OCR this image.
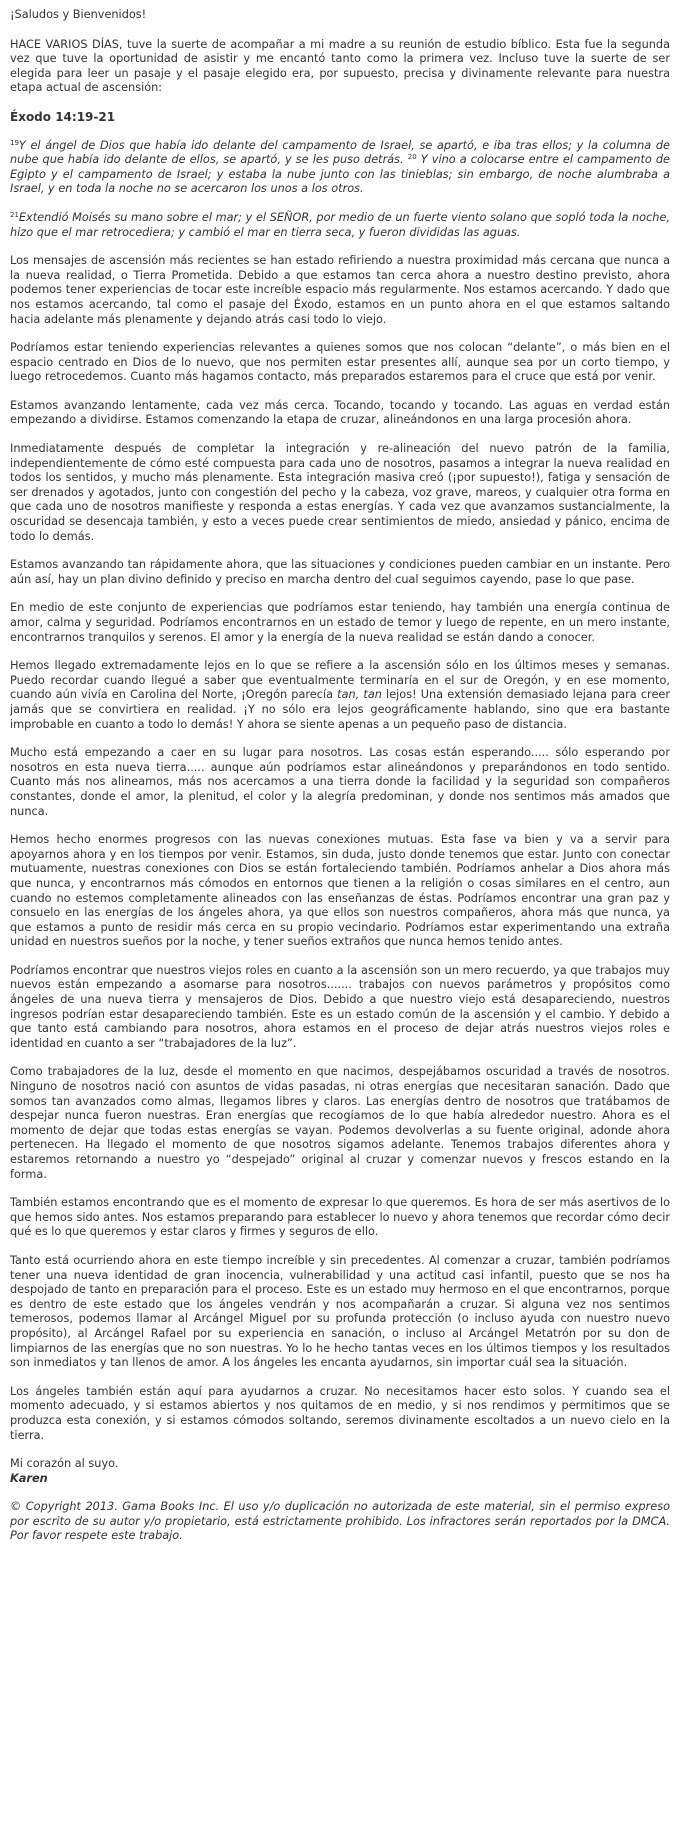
¡Saludos y Bienvenidos!

HACE VARIOS DÍAS, tuve la suerte de acompañar a mi madre a su reunión de estudio bíblico. Esta fue la segunda vez que tuve la oportunidad de asistir y me encantó tanto como la primera vez. Incluso tuve la suerte de ser elegida para leer un pasaje y el pasaje elegido era, por supuesto, precisa y divinamente relevante para nuestra etapa actual de ascensión:

Éxodo 14:19-21

$^{19}$Y el ángel de Dios que había ido delante del campamento de Israel, se apartó, e iba tras ellos; y la columna de nube que había ido delante de ellos, se apartó, y se les puso detrás. $^{20}$ Y vino a colocarse entre el campamento de Egipto y el campamento de Israel; y estaba la nube junto con las tinieblas; sin embargo, de noche alumbraba a Israel, y en toda la noche no se acercaron los unos a los otros.

$^{21}$Extendió Moisés su mano sobre el mar; y el SEÑOR, por medio de un fuerte viento solano que sopló toda la noche, hizo que el mar retrocediera; y cambió el mar en tierra seca, y fueron divididas las aguas.

Los mensajes de ascensión más recientes se han estado refiriendo a nuestra proximidad más cercana que nunca a la nueva realidad, o Tierra Prometida. Debido a que estamos tan cerca ahora a nuestro destino previsto, ahora podemos tener experiencias de tocar este increíble espacio más regularmente. Nos estamos acercando. Y dado que nos estamos acercando, tal como el pasaje del Éxodo, estamos en un punto ahora en el que estamos saltando hacia adelante más plenamente y dejando atrás casi todo lo viejo.

Podríamos estar teniendo experiencias relevantes a quienes somos que nos colocan “delante”, o más bien en el espacio centrado en Dios de lo nuevo, que nos permiten estar presentes allí, aunque sea por un corto tiempo, y luego retrocedemos. Cuanto más hagamos contacto, más preparados estaremos para el cruce que está por venir.

Estamos avanzando lentamente, cada vez más cerca. Tocando, tocando y tocando. Las aguas en verdad están empezando a dividirse. Estamos comenzando la etapa de cruzar, alineándonos en una larga procesión ahora.

Inmediatamente después de completar la integración y re-alineación del nuevo patrón de la familia, independientemente de cómo esté compuesta para cada uno de nosotros, pasamos a integrar la nueva realidad en todos los sentidos, y mucho más plenamente. Esta integración masiva creó (¡por supuesto!), fatiga y sensación de ser drenados y agotados, junto con congestión del pecho y la cabeza, voz grave, mareos, y cualquier otra forma en que cada uno de nosotros manifieste y responda a estas energías. Y cada vez que avanzamos sustancialmente, la oscuridad se desencaja también, y esto a veces puede crear sentimientos de miedo, ansiedad y pánico, encima de todo lo demás.

Estamos avanzando tan rápidamente ahora, que las situaciones y condiciones pueden cambiar en un instante. Pero aún así, hay un plan divino definido y preciso en marcha dentro del cual seguimos cayendo, pase lo que pase.

En medio de este conjunto de experiencias que podríamos estar teniendo, hay también una energía continua de amor, calma y seguridad. Podríamos encontrarnos en un estado de temor y luego de repente, en un mero instante, encontrarnos tranquilos y serenos. El amor y la energía de la nueva realidad se están dando a conocer.

Hemos llegado extremadamente lejos en lo que se refiere a la ascensión sólo en los últimos meses y semanas. Puedo recordar cuando llegué a saber que eventualmente terminaría en el sur de Oregón, y en ese momento, cuando aún vivía en Carolina del Norte, ¡Oregón parecía tan, tan lejos! Una extensión demasiado lejana para creer jamás que se convirtiera en realidad. ¡Y no sólo era lejos geográficamente hablando, sino que era bastante improbable en cuanto a todo lo demás! Y ahora se siente apenas a un pequeño paso de distancia.

Mucho está empezando a caer en su lugar para nosotros. Las cosas están esperando..... sólo esperando por nosotros en esta nueva tierra..... aunque aún podríamos estar alineándonos y preparándonos en todo sentido. Cuanto más nos alineamos, más nos acercamos a una tierra donde la facilidad y la seguridad son compañeros constantes, donde el amor, la plenitud, el color y la alegría predominan, y donde nos sentimos más amados que nunca.

Hemos hecho enormes progresos con las nuevas conexiones mutuas. Esta fase va bien y va a servir para apoyarnos ahora y en los tiempos por venir. Estamos, sin duda, justo donde tenemos que estar. Junto con conectar mutuamente, nuestras conexiones con Dios se están fortaleciendo también. Podríamos anhelar a Dios ahora más que nunca, y encontrarnos más cómodos en entornos que tienen a la religión o cosas similares en el centro, aun cuando no estemos completamente alineados con las enseñanzas de éstas. Podríamos encontrar una gran paz y consuelo en las energías de los ángeles ahora, ya que ellos son nuestros compañeros, ahora más que nunca, ya que estamos a punto de residir más cerca en su propio vecindario. Podríamos estar experimentando una extraña unidad en nuestros sueños por la noche, y tener sueños extraños que nunca hemos tenido antes.

Podríamos encontrar que nuestros viejos roles en cuanto a la ascensión son un mero recuerdo, ya que trabajos muy nuevos están empezando a asomarse para nosotros....... trabajos con nuevos parámetros y propósitos como ángeles de una nueva tierra y mensajeros de Dios. Debido a que nuestro viejo está desapareciendo, nuestros ingresos podrían estar desapareciendo también. Este es un estado común de la ascensión y el cambio. Y debido a que tanto está cambiando para nosotros, ahora estamos en el proceso de dejar atrás nuestros viejos roles e identidad en cuanto a ser “trabajadores de la luz”.

Como trabajadores de la luz, desde el momento en que nacimos, despejábamos oscuridad a través de nosotros. Ninguno de nosotros nació con asuntos de vidas pasadas, ni otras energías que necesitaran sanación. Dado que somos tan avanzados como almas, llegamos libres y claros. Las energías dentro de nosotros que tratábamos de despejar nunca fueron nuestras. Eran energías que recogíamos de lo que había alrededor nuestro. Ahora es el momento de dejar que todas estas energías se vayan. Podemos devolverlas a su fuente original, adonde ahora pertenecen. Ha llegado el momento de que nosotros sigamos adelante. Tenemos trabajos diferentes ahora y estaremos retornando a nuestro yo “despejado” original al cruzar y comenzar nuevos y frescos estando en la forma.

También estamos encontrando que es el momento de expresar lo que queremos. Es hora de ser más asertivos de lo que hemos sido antes. Nos estamos preparando para establecer lo nuevo y ahora tenemos que recordar cómo decir qué es lo que queremos y estar claros y firmes y seguros de ello.

Tanto está ocurriendo ahora en este tiempo increíble y sin precedentes. Al comenzar a cruzar, también podríamos tener una nueva identidad de gran inocencia, vulnerabilidad y una actitud casi infantil, puesto que se nos ha despojado de tanto en preparación para el proceso. Este es un estado muy hermoso en el que encontrarnos, porque es dentro de este estado que los ángeles vendrán y nos acompañarán a cruzar. Si alguna vez nos sentimos temerosos, podemos llamar al Arcángel Miguel por su profunda protección (o incluso ayuda con nuestro nuevo propósito), al Arcángel Rafael por su experiencia en sanación, o incluso al Arcángel Metatrón por su don de limpiarnos de las energías que no son nuestras. Yo lo he hecho tantas veces en los últimos tiempos y los resultados son inmediatos y tan llenos de amor. A los ángeles les encanta ayudarnos, sin importar cuál sea la situación.

Los ángeles también están aquí para ayudarnos a cruzar. No necesitamos hacer esto solos. Y cuando sea el momento adecuado, y si estamos abiertos y nos quitamos de en medio, y si nos rendimos y permitimos que se produzca esta conexión, y si estamos cómodos soltando, seremos divinamente escoltados a un nuevo cielo en la tierra.

Mi corazón al suyo.
Karen

© Copyright 2013. Gama Books Inc. El uso y/o duplicación no autorizada de este material, sin el permiso expreso por escrito de su autor y/o propietario, está estrictamente prohibido. Los infractores serán reportados por la DMCA. Por favor respete este trabajo.
